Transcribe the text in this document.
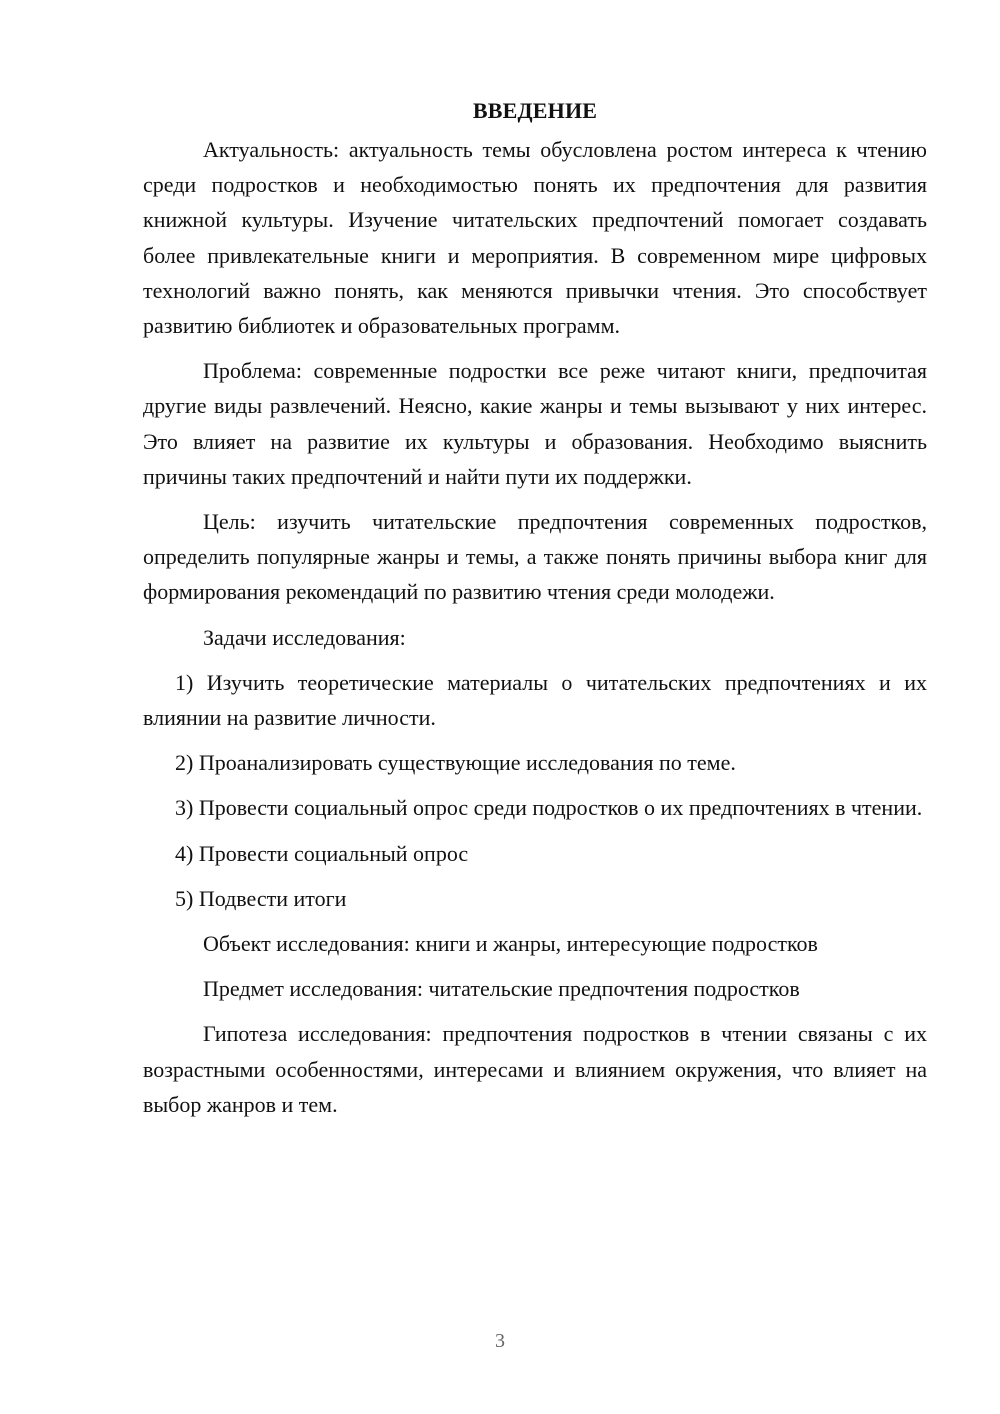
ВВЕДЕНИЕ

Актуальность: актуальность темы обусловлена ростом интереса к чтению среди подростков и необходимостью понять их предпочтения для развития книжной культуры. Изучение читательских предпочтений помогает создавать более привлекательные книги и мероприятия. В современном мире цифровых технологий важно понять, как меняются привычки чтения. Это способствует развитию библиотек и образовательных программ.

Проблема: современные подростки все реже читают книги, предпочитая другие виды развлечений. Неясно, какие жанры и темы вызывают у них интерес. Это влияет на развитие их культуры и образования. Необходимо выяснить причины таких предпочтений и найти пути их поддержки.

Цель: изучить читательские предпочтения современных подростков, определить популярные жанры и темы, а также понять причины выбора книг для формирования рекомендаций по развитию чтения среди молодежи.

Задачи исследования:

1) Изучить теоретические материалы о читательских предпочтениях и их влиянии на развитие личности.

2) Проанализировать существующие исследования по теме.

3) Провести социальный опрос среди подростков о их предпочтениях в чтении.

4) Провести социальный опрос

5) Подвести итоги

Объект исследования: книги и жанры, интересующие подростков

Предмет исследования: читательские предпочтения подростков

Гипотеза исследования: предпочтения подростков в чтении связаны с их возрастными особенностями, интересами и влиянием окружения, что влияет на выбор жанров и тем.

3
